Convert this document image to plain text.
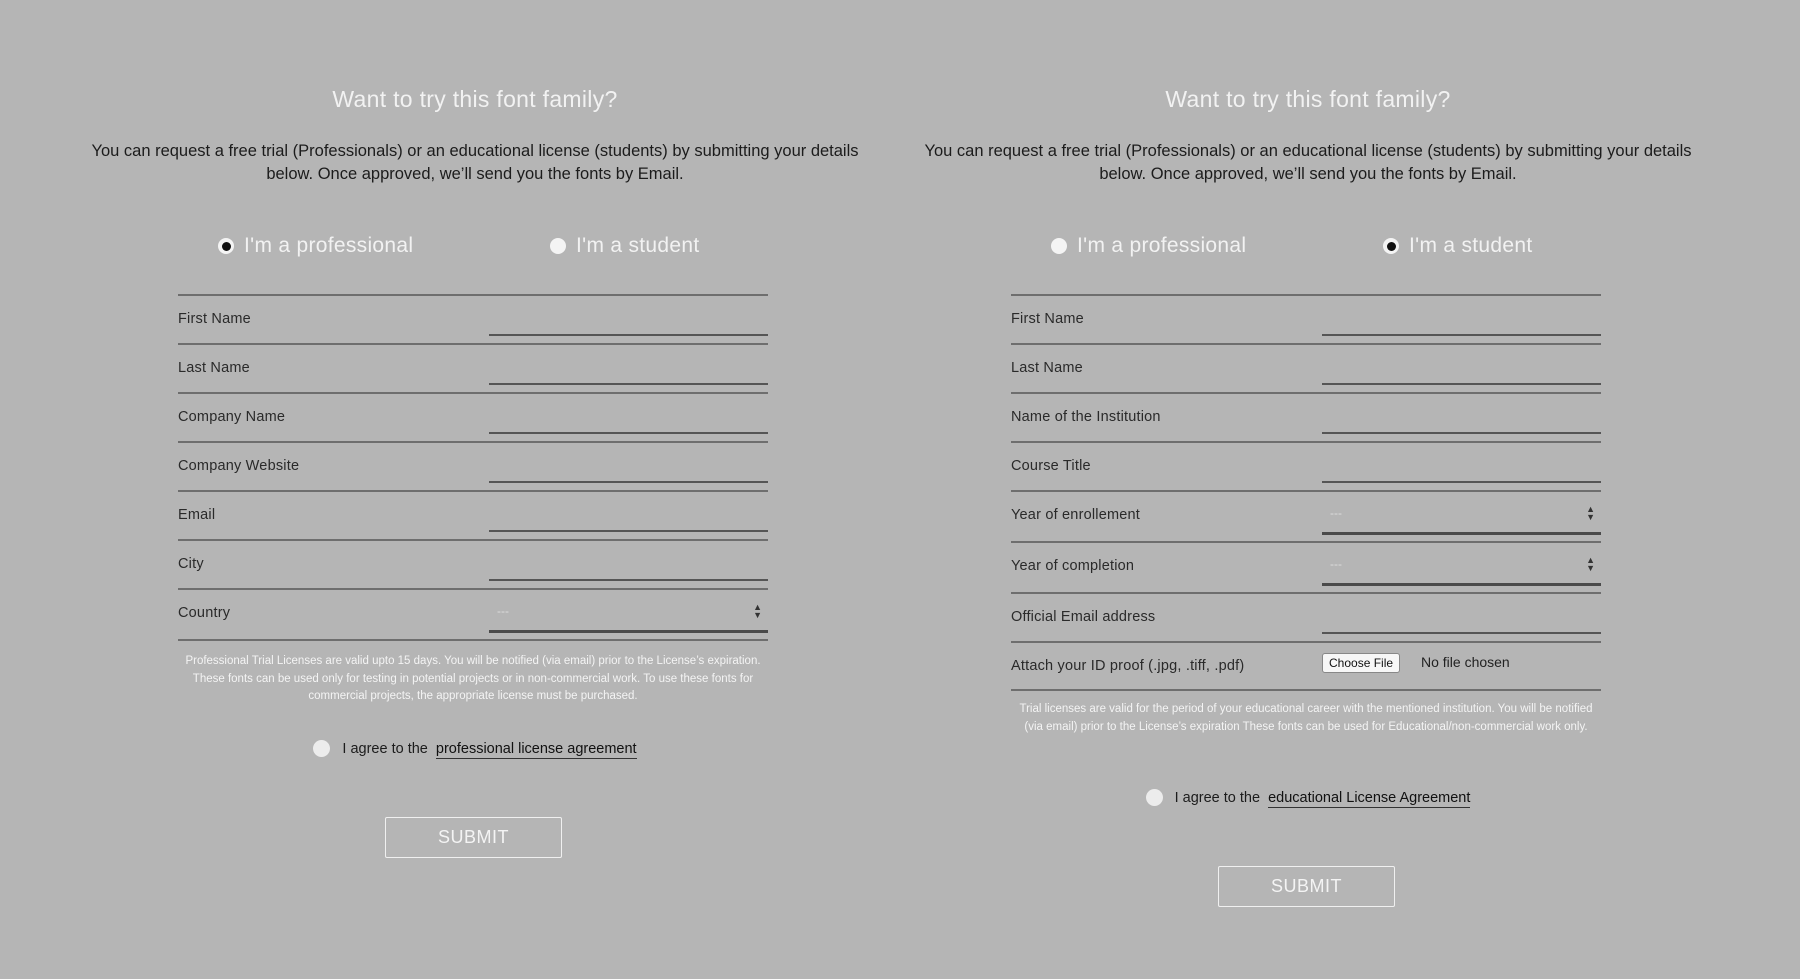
Want to try this font family?
You can request a free trial (Professionals) or an educational license (students) by submitting your details below. Once approved, we’ll send you the fonts by Email.
I'm a professional	I'm a student
First Name
Last Name
Company Name
Company Website
Email
City
Country	---	▲
▼
Professional Trial Licenses are valid upto 15 days. You will be notified (via email) prior to the License’s expiration. These fonts can be used only for testing in potential projects or in non-commercial work. To use these fonts for commercial projects, the appropriate license must be purchased.
I agree to the professional license agreement
SUBMIT
Want to try this font family?
You can request a free trial (Professionals) or an educational license (students) by submitting your details below. Once approved, we’ll send you the fonts by Email.
I'm a professional	I'm a student
First Name
Last Name
Name of the Institution
Course Title
Year of enrollement	---	▲
▼
Year of completion	---	▲
▼
Official Email address
Attach your ID proof (.jpg, .tiff, .pdf)	Choose File	No file chosen
Trial licenses are valid for the period of your educational career with the mentioned institution. You will be notified (via email) prior to the License’s expiration These fonts can be used for Educational/non-commercial work only.
I agree to the educational License Agreement
SUBMIT
